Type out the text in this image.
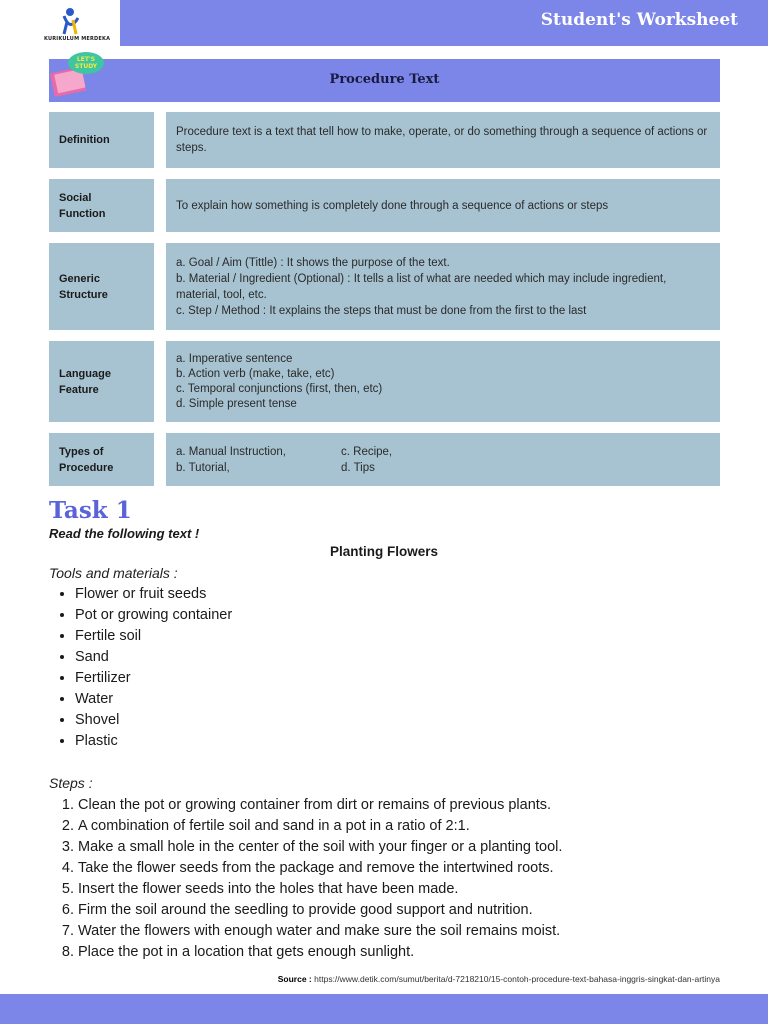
Student's Worksheet
KURIKULUM MERDEKA
Procedure Text
LET'S
STUDY
Definition
Procedure text is a text that tell how to make, operate, or do something through a sequence of actions or steps.
Social Function
To explain how something is completely done through a sequence of actions or steps
Generic Structure
a. Goal / Aim (Tittle) : It shows the purpose of the text.
b. Material / Ingredient (Optional) : It tells a list of what are needed which may include ingredient, material, tool, etc.
c. Step / Method : It explains the steps that must be done from the first to the last
Language Feature
a. Imperative sentence
b. Action verb (make, take, etc)
c. Temporal conjunctions (first, then, etc)
d. Simple present tense
Types of Procedure
a. Manual Instruction,	c. Recipe,
b. Tutorial,	d. Tips
Task 1
Read the following text !
Planting Flowers
Tools and materials :
• Flower or fruit seeds
• Pot or growing container
• Fertile soil
• Sand
• Fertilizer
• Water
• Shovel
• Plastic
Steps :
1. Clean the pot or growing container from dirt or remains of previous plants.
2. A combination of fertile soil and sand in a pot in a ratio of 2:1.
3. Make a small hole in the center of the soil with your finger or a planting tool.
4. Take the flower seeds from the package and remove the intertwined roots.
5. Insert the flower seeds into the holes that have been made.
6. Firm the soil around the seedling to provide good support and nutrition.
7. Water the flowers with enough water and make sure the soil remains moist.
8. Place the pot in a location that gets enough sunlight.
Source : https://www.detik.com/sumut/berita/d-7218210/15-contoh-procedure-text-bahasa-inggris-singkat-dan-artinya
